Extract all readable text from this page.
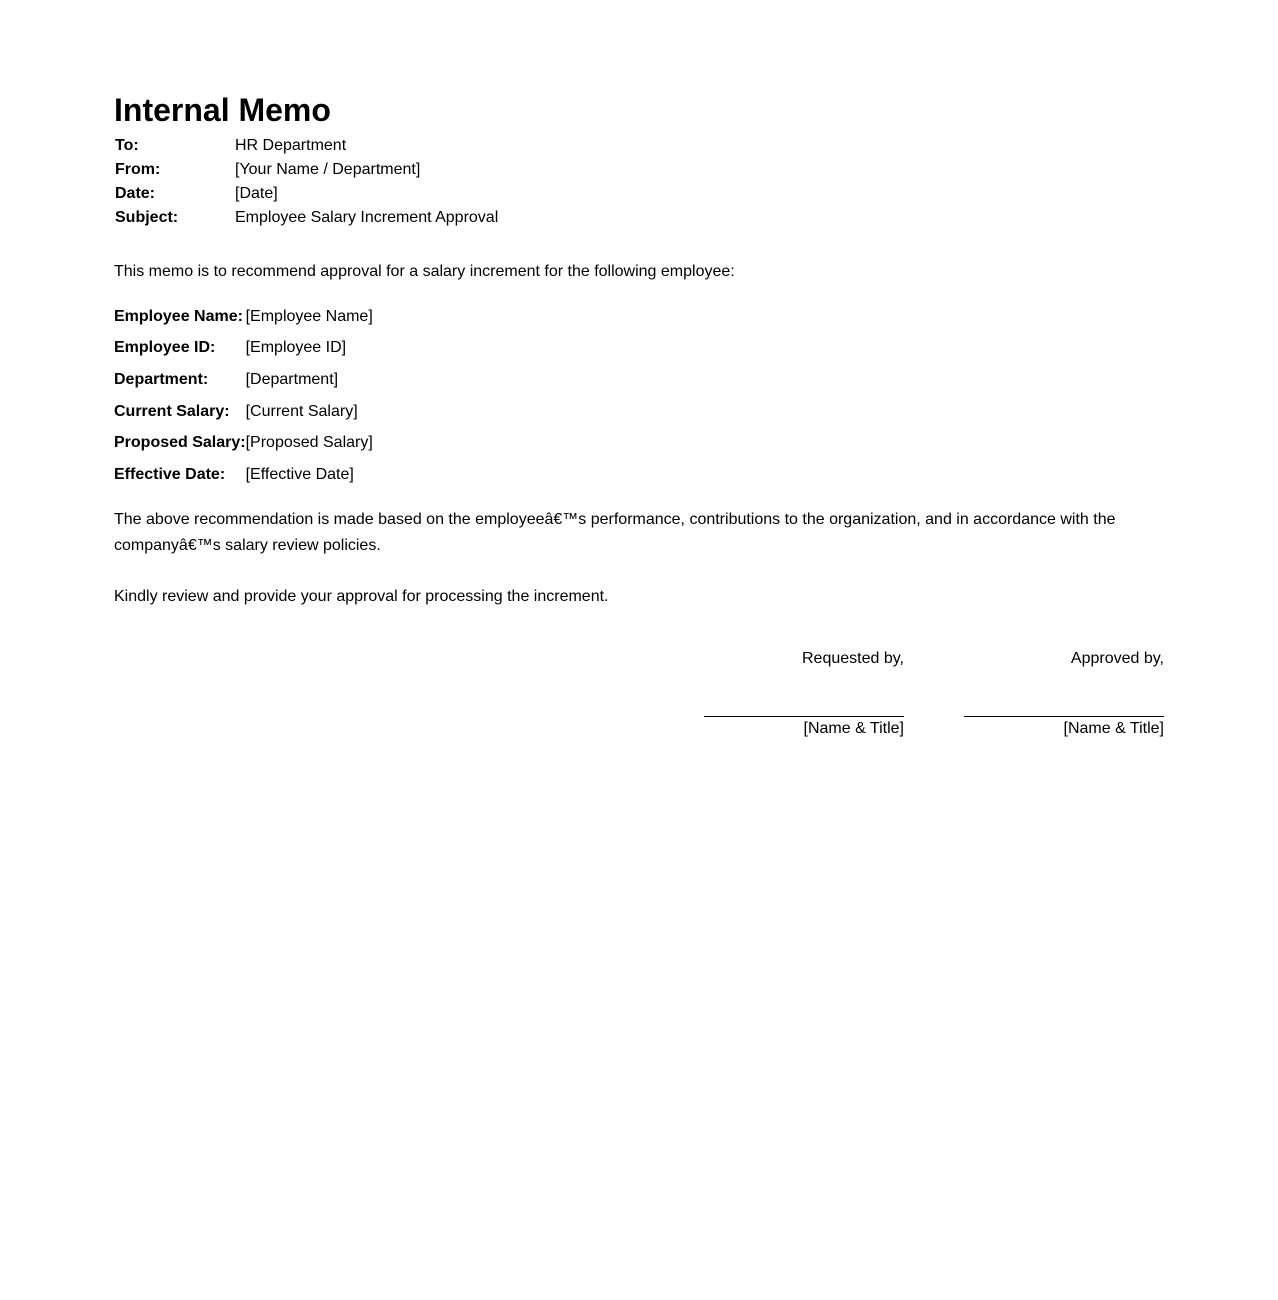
Internal Memo
To:	HR Department
From:	[Your Name / Department]
Date:	[Date]
Subject:	Employee Salary Increment Approval

This memo is to recommend approval for a salary increment for the following employee:

Employee Name:	[Employee Name]
Employee ID:	[Employee ID]
Department:	[Department]
Current Salary:	[Current Salary]
Proposed Salary:	[Proposed Salary]
Effective Date:	[Effective Date]

The above recommendation is made based on the employeeâ€™s performance, contributions to the organization, and in accordance with the companyâ€™s salary review policies.

Kindly review and provide your approval for processing the increment.

Requested by,
[Name & Title]
Approved by,
[Name & Title]
